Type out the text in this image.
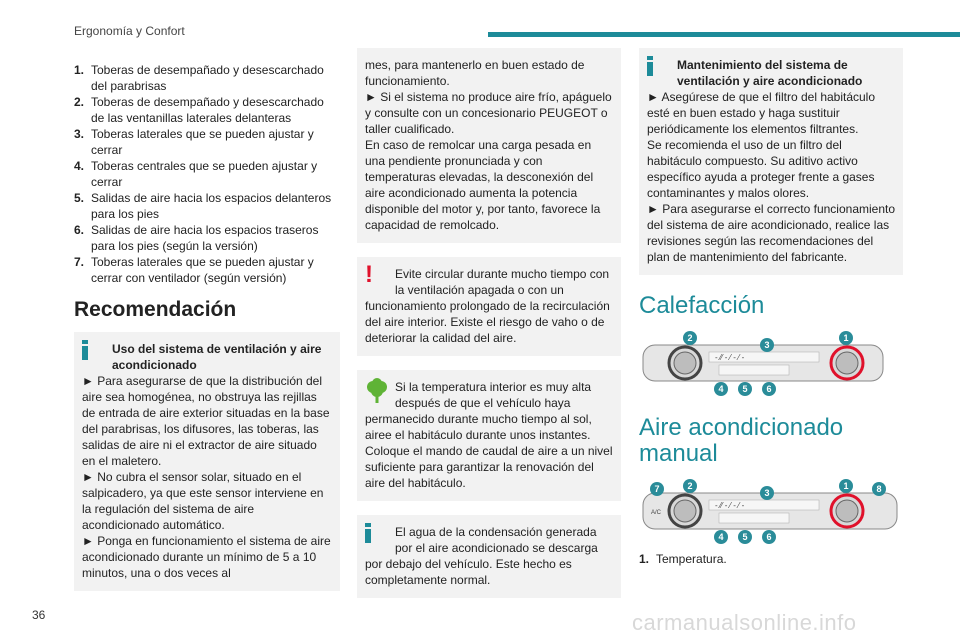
Ergonomía y Confort
1. Toberas de desempañado y desescarchado del parabrisas
2. Toberas de desempañado y desescarchado de las ventanillas laterales delanteras
3. Toberas laterales que se pueden ajustar y cerrar
4. Toberas centrales que se pueden ajustar y cerrar
5. Salidas de aire hacia los espacios delanteros para los pies
6. Salidas de aire hacia los espacios traseros para los pies (según la versión)
7. Toberas laterales que se pueden ajustar y cerrar con ventilador (según versión)
Recomendación

Uso del sistema de ventilación y aire acondicionado

► Para asegurarse de que la distribución del aire sea homogénea, no obstruya las rejillas de entrada de aire exterior situadas en la base del parabrisas, los difusores, las toberas, las salidas de aire ni el extractor de aire situado en el maletero.

► No cubra el sensor solar, situado en el salpicadero, ya que este sensor interviene en la regulación del sistema de aire acondicionado automático.

► Ponga en funcionamiento el sistema de aire acondicionado durante un mínimo de 5 a 10 minutos, una o dos veces al

mes, para mantenerlo en buen estado de funcionamiento.

► Si el sistema no produce aire frío, apáguelo y consulte con un concesionario PEUGEOT o taller cualificado.

En caso de remolcar una carga pesada en una pendiente pronunciada y con temperaturas elevadas, la desconexión del aire acondicionado aumenta la potencia disponible del motor y, por tanto, favorece la capacidad de remolcado.

!	Evite circular durante mucho tiempo con la ventilación apagada o con un

funcionamiento prolongado de la recirculación del aire interior. Existe el riesgo de vaho o de deteriorar la calidad del aire.

Si la temperatura interior es muy alta después de que el vehículo haya

permanecido durante mucho tiempo al sol, airee el habitáculo durante unos instantes. Coloque el mando de caudal de aire a un nivel suficiente para garantizar la renovación del aire del habitáculo.

El agua de la condensación generada por el aire acondicionado se descarga

por debajo del vehículo. Este hecho es completamente normal.

Mantenimiento del sistema de ventilación y aire acondicionado

► Asegúrese de que el filtro del habitáculo esté en buen estado y haga sustituir periódicamente los elementos filtrantes.

Se recomienda el uso de un filtro del habitáculo compuesto. Su aditivo activo específico ayuda a proteger frente a gases contaminantes y malos olores.

► Para asegurarse el correcto funcionamiento del sistema de aire acondicionado, realice las revisiones según las recomendaciones del plan de mantenimiento del fabricante.

Calefacción
- ⁄⁄ - ⁄ - ⁄ -
2
3
1
4 5 6
Aire acondicionado manual
A/C
- ⁄⁄ - ⁄ - ⁄ -
7	2
3
1	8
4 5 6
1. Temperatura.
36	carmanualsonline.info
